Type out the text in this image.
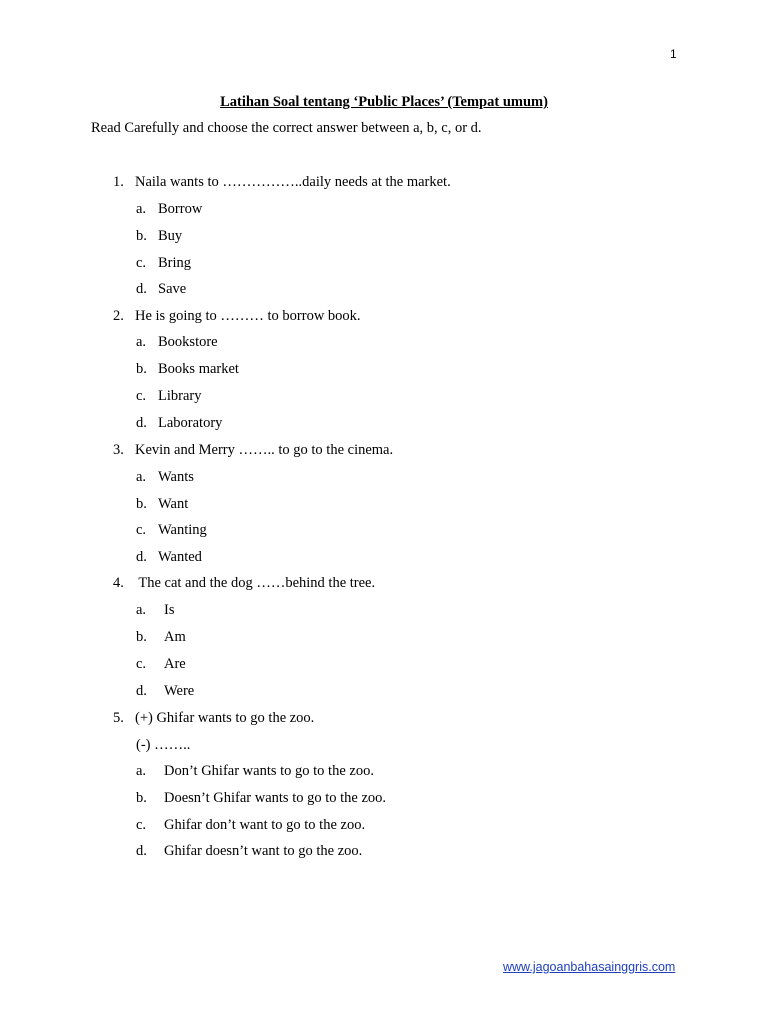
1
Latihan Soal tentang ‘Public Places’ (Tempat umum)
Read Carefully and choose the correct answer between a, b, c, or d.
1. Naila wants to ……………..daily needs at the market.
a. Borrow
b. Buy
c. Bring
d. Save
2. He is going to ……… to borrow book.
a. Bookstore
b. Books market
c. Library
d. Laboratory
3. Kevin and Merry …….. to go to the cinema.
a. Wants
b. Want
c. Wanting
d. Wanted
4. The cat and the dog ……behind the tree.
a. Is
b. Am
c. Are
d. Were
5. (+) Ghifar wants to go the zoo.
(-) ……..
a. Don’t Ghifar wants to go to the zoo.
b. Doesn’t Ghifar wants to go to the zoo.
c. Ghifar don’t want to go to the zoo.
d. Ghifar doesn’t want to go the zoo.
www.jagoanbahasainggris.com
